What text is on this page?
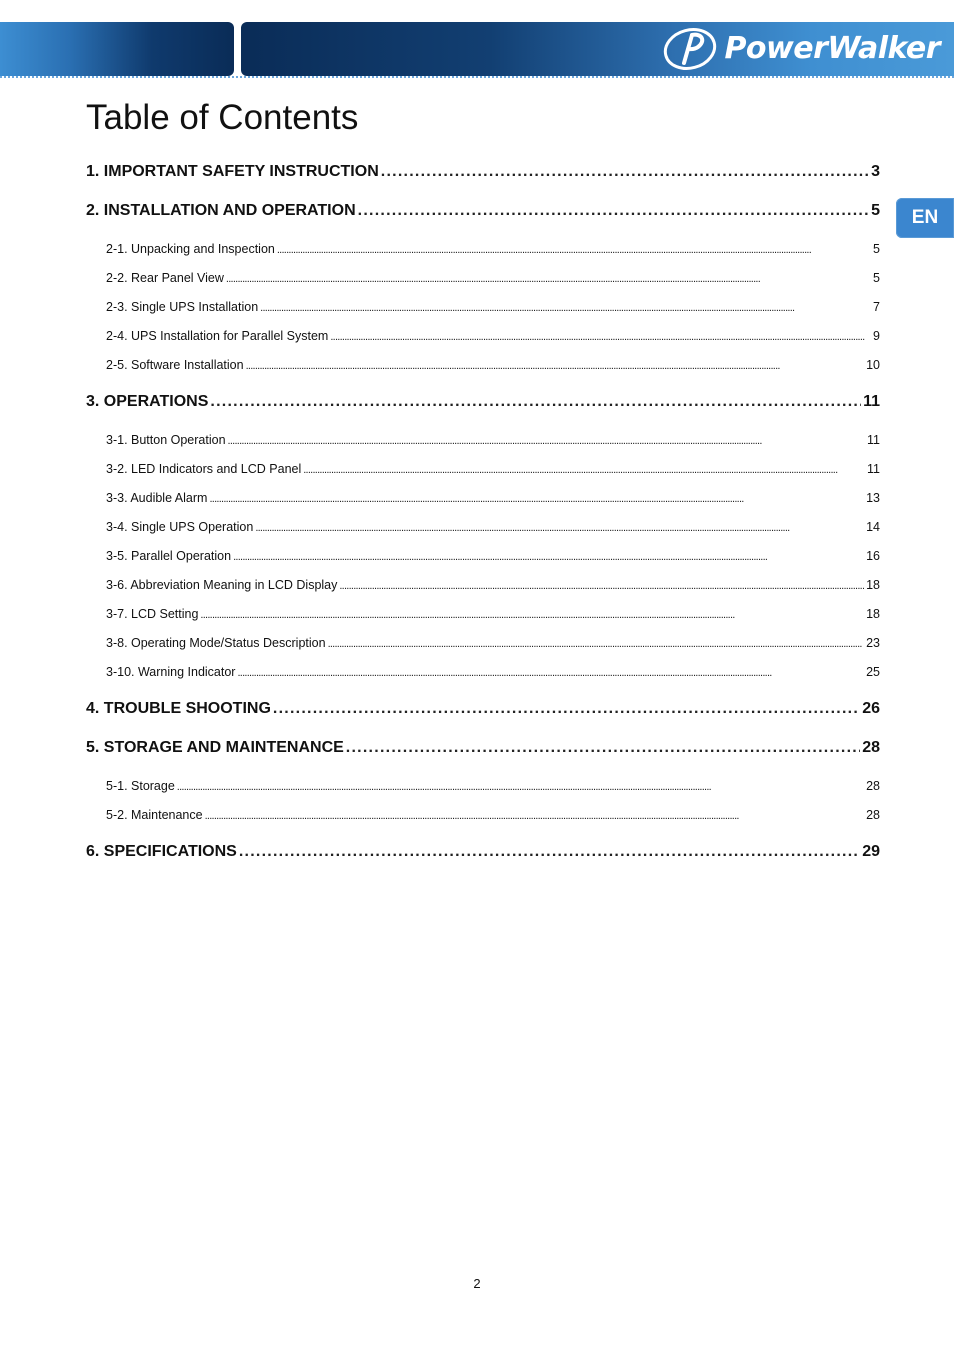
PowerWalker
EN
Table of Contents
1. IMPORTANT SAFETY INSTRUCTION . . .	3
2. INSTALLATION AND OPERATION . . .	5
2-1. Unpacking and Inspection . . .	5
2-2. Rear Panel View . . .	5
2-3. Single UPS Installation . . .	7
2-4. UPS Installation for Parallel System . . .	9
2-5. Software Installation . . .	10
3. OPERATIONS . . .	11
3-1. Button Operation . . .	11
3-2. LED Indicators and LCD Panel . . .	11
3-3. Audible Alarm . . .	13
3-4. Single UPS Operation . . .	14
3-5. Parallel Operation . . .	16
3-6. Abbreviation Meaning in LCD Display . . .	18
3-7. LCD Setting . . .	18
3-8. Operating Mode/Status Description . . .	23
3-10. Warning Indicator . . .	25
4. TROUBLE SHOOTING . . .	26
5. STORAGE AND MAINTENANCE . . .	28
5-1. Storage . . .	28
5-2. Maintenance . . .	28
6. SPECIFICATIONS . . .	29
2
